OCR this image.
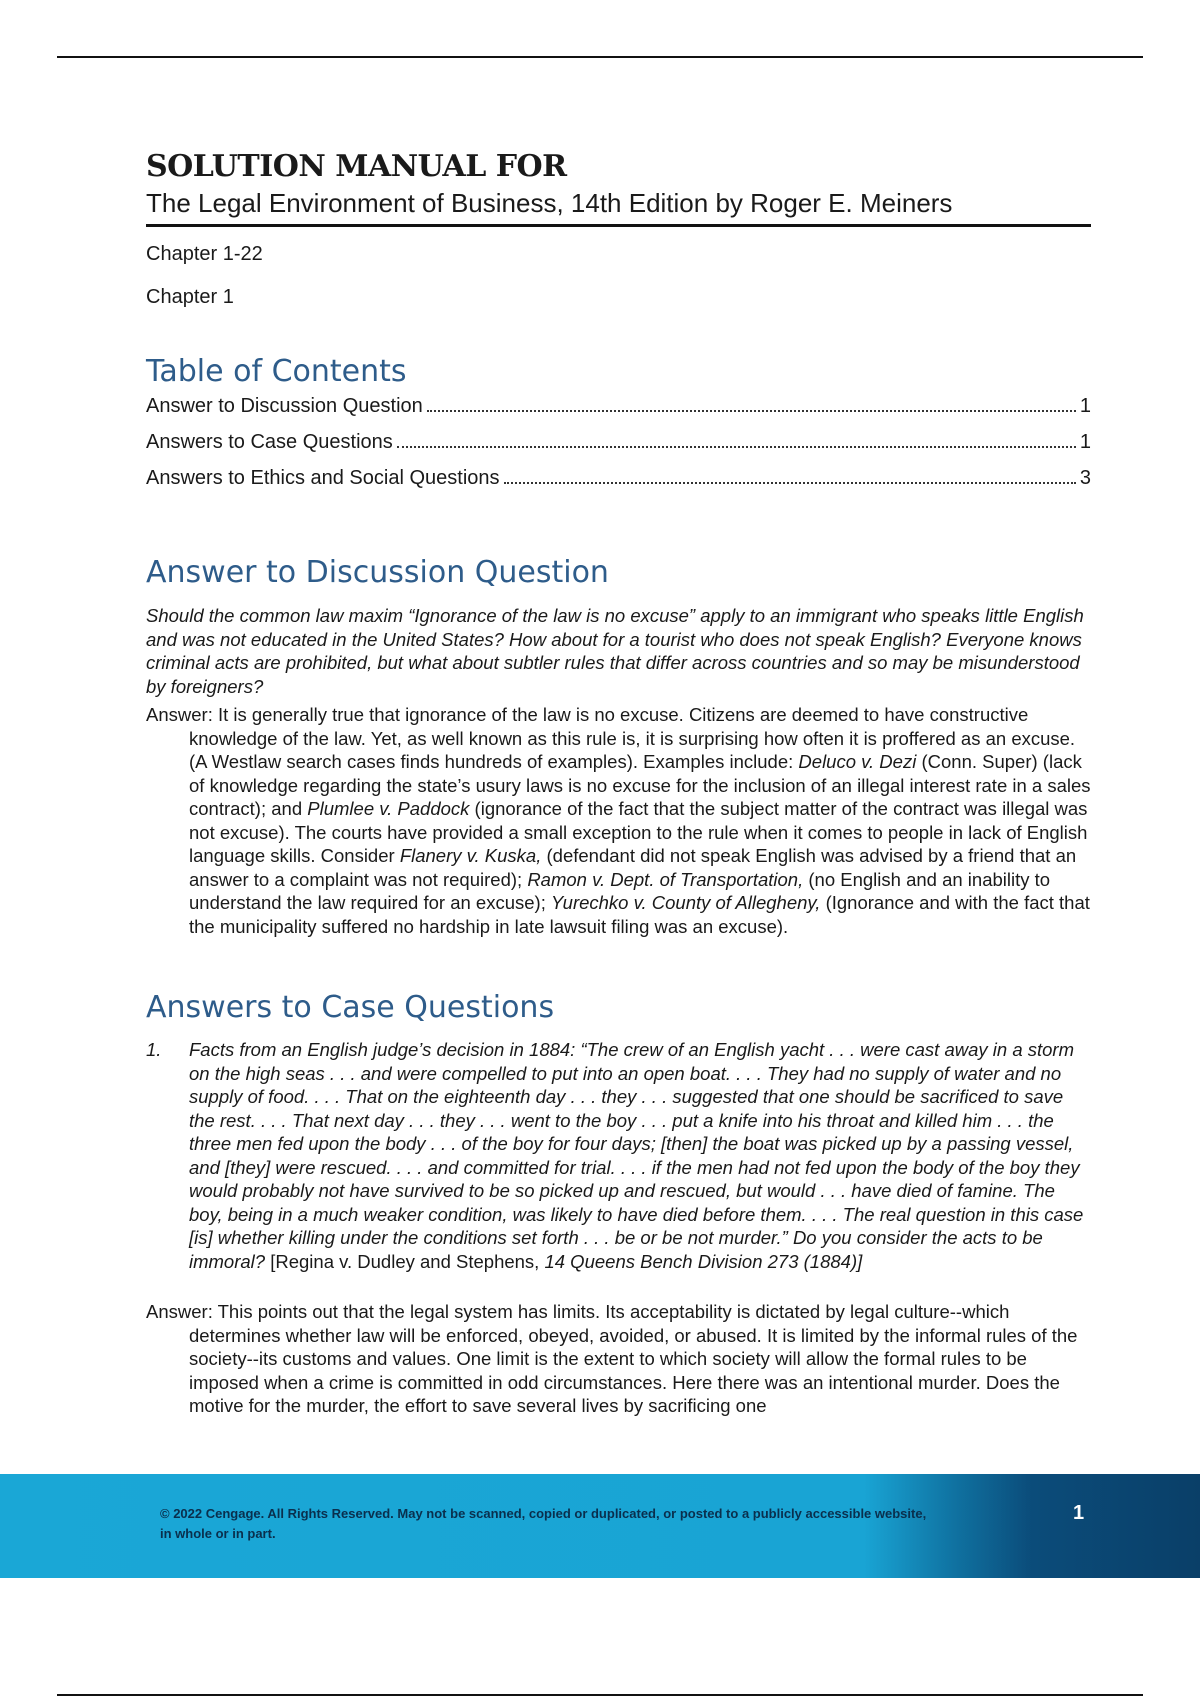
SOLUTION MANUAL FOR
The Legal Environment of Business, 14th Edition by Roger E. Meiners
Chapter 1-22
Chapter 1
Table of Contents
Answer to Discussion Question	1
Answers to Case Questions	1
Answers to Ethics and Social Questions	3
Answer to Discussion Question
Should the common law maxim “Ignorance of the law is no excuse” apply to an immigrant who speaks little English and was not educated in the United States? How about for a tourist who does not speak English? Everyone knows criminal acts are prohibited, but what about subtler rules that differ across countries and so may be misunderstood by foreigners?
Answer: It is generally true that ignorance of the law is no excuse. Citizens are deemed to have constructive knowledge of the law. Yet, as well known as this rule is, it is surprising how often it is proffered as an excuse. (A Westlaw search cases finds hundreds of examples). Examples include: Deluco v. Dezi (Conn. Super) (lack of knowledge regarding the state’s usury laws is no excuse for the inclusion of an illegal interest rate in a sales contract); and Plumlee v. Paddock (ignorance of the fact that the subject matter of the contract was illegal was not excuse). The courts have provided a small exception to the rule when it comes to people in lack of English language skills. Consider Flanery v. Kuska, (defendant did not speak English was advised by a friend that an answer to a complaint was not required); Ramon v. Dept. of Transportation, (no English and an inability to understand the law required for an excuse); Yurechko v. County of Allegheny, (Ignorance and with the fact that the municipality suffered no hardship in late lawsuit filing was an excuse).
Answers to Case Questions
1. Facts from an English judge’s decision in 1884: “The crew of an English yacht . . . were cast away in a storm on the high seas . . . and were compelled to put into an open boat. . . . They had no supply of water and no supply of food. . . . That on the eighteenth day . . . they . . . suggested that one should be sacrificed to save the rest. . . . That next day . . . they . . . went to the boy . . . put a knife into his throat and killed him . . . the three men fed upon the body . . . of the boy for four days; [then] the boat was picked up by a passing vessel, and [they] were rescued. . . . and committed for trial. . . . if the men had not fed upon the body of the boy they would probably not have survived to be so picked up and rescued, but would . . . have died of famine. The boy, being in a much weaker condition, was likely to have died before them. . . . The real question in this case [is] whether killing under the conditions set forth . . . be or be not murder.” Do you consider the acts to be immoral? [Regina v. Dudley and Stephens, 14 Queens Bench Division 273 (1884)]
Answer: This points out that the legal system has limits. Its acceptability is dictated by legal culture--which determines whether law will be enforced, obeyed, avoided, or abused. It is limited by the informal rules of the society--its customs and values. One limit is the extent to which society will allow the formal rules to be imposed when a crime is committed in odd circumstances. Here there was an intentional murder. Does the motive for the murder, the effort to save several lives by sacrificing one
© 2022 Cengage. All Rights Reserved. May not be scanned, copied or duplicated, or posted to a publicly accessible website, in whole or in part.
1
